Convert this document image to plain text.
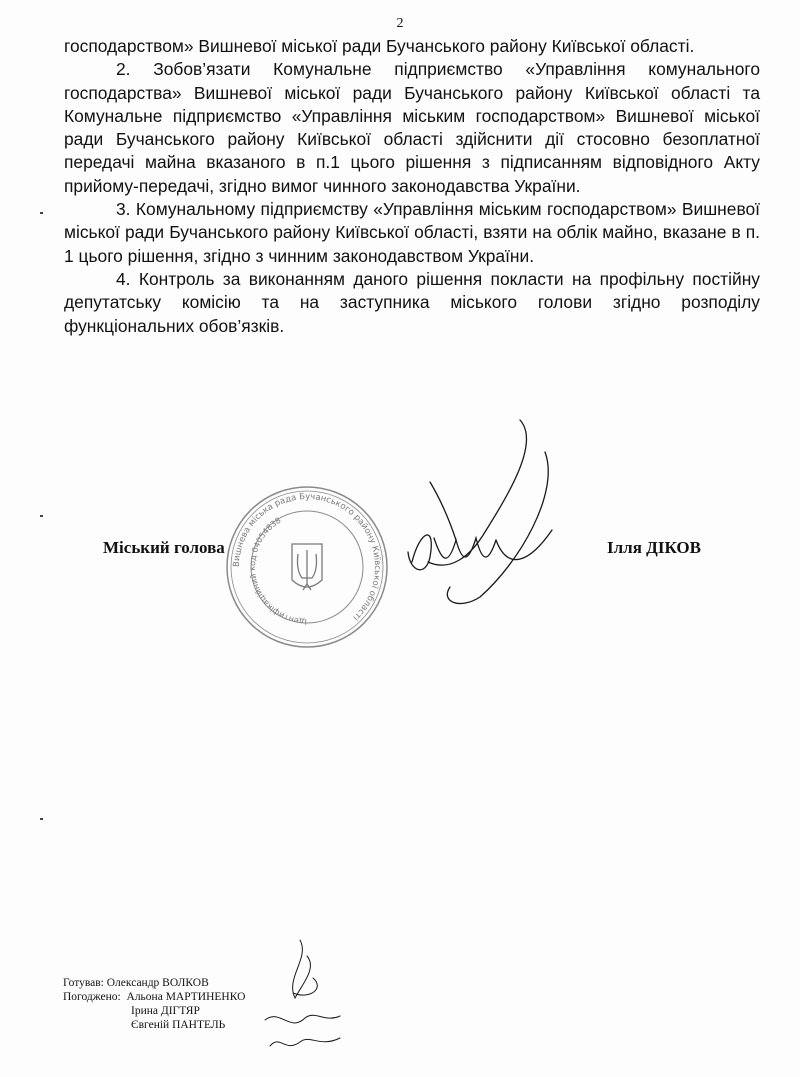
2

господарством» Вишневої міської ради Бучанського району Київської області.

2. Зобов’язати Комунальне підприємство «Управління комунального господарства» Вишневої міської ради Бучанського району Київської області та Комунальне підприємство «Управління міським господарством» Вишневої міської ради Бучанського району Київської області здійснити дії стосовно безоплатної передачі майна вказаного в п.1 цього рішення з підписанням відповідного Акту прийому-передачі, згідно вимог чинного законодавства України.

3. Комунальному підприємству «Управління міським господарством» Вишневої міської ради Бучанського району Київської області, взяти на облік майно, вказане в п. 1 цього рішення, згідно з чинним законодавством України.

4. Контроль за виконанням даного рішення покласти на профільну постійну депутатську комісію та на заступника міського голови згідно розподілу функціональних обов’язків.

Вишнева міська рада Бучанського району Київської області
Ідентифікаційний код 04054838
Міський голова	Ілля ДІКОВ
Готував: Олександр ВОЛКОВ
Погоджено: Альона МАРТИНЕНКО
Ірина ДІГТЯР
Євгеній ПАНТЕЛЬ
